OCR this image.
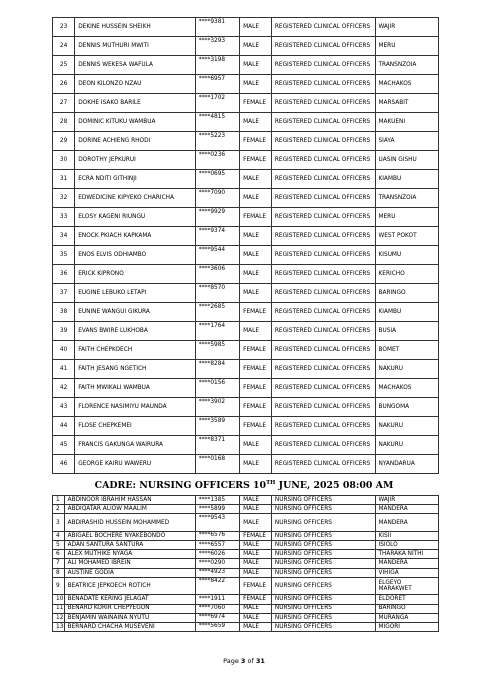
23	DEKINE HUSSEIN SHEIKH	****9381	MALE	REGISTERED CLINICAL OFFICERS	WAJIR
24	DENNIS MUTHURI MWITI	****3293	MALE	REGISTERED CLINICAL OFFICERS	MERU
25	DENNIS WEKESA WAFULA	****3198	MALE	REGISTERED CLINICAL OFFICERS	TRANSNZOIA
26	DEON KILONZO NZAU	****6957	MALE	REGISTERED CLINICAL OFFICERS	MACHAKOS
27	DOKHE ISAKO BARILE	****1702	FEMALE	REGISTERED CLINICAL OFFICERS	MARSABIT
28	DOMINIC KITUKU WAMBUA	****4815	MALE	REGISTERED CLINICAL OFFICERS	MAKUENI
29	DORINE ACHIENG RHODI	****5223	FEMALE	REGISTERED CLINICAL OFFICERS	SIAYA
30	DOROTHY JEPKURUI	****0236	FEMALE	REGISTERED CLINICAL OFFICERS	UASIN GISHU
31	ECRA NDITI GITHINJI	****0695	MALE	REGISTERED CLINICAL OFFICERS	KIAMBU
32	EDWEDICINE KIPYEKO CHARICHA	****7090	MALE	REGISTERED CLINICAL OFFICERS	TRANSNZOIA
33	ELOSY KAGENI RIUNGU	****9929	FEMALE	REGISTERED CLINICAL OFFICERS	MERU
34	ENOCK PKIACH KAPKAMA	****9374	MALE	REGISTERED CLINICAL OFFICERS	WEST POKOT
35	ENOS ELVIS ODHIAMBO	****9544	MALE	REGISTERED CLINICAL OFFICERS	KISUMU
36	ERICK KIPRONO	****3606	MALE	REGISTERED CLINICAL OFFICERS	KERICHO
37	EUGINE LEBUKO LETAPI	****8570	MALE	REGISTERED CLINICAL OFFICERS	BARINGO
38	EUNINE WANGUI GIKURA	****2685	FEMALE	REGISTERED CLINICAL OFFICERS	KIAMBU
39	EVANS BWIRE LUKHOBA	****1764	MALE	REGISTERED CLINICAL OFFICERS	BUSIA
40	FAITH CHEPKOECH	****5985	FEMALE	REGISTERED CLINICAL OFFICERS	BOMET
41	FAITH JESANG NGETICH	****8284	FEMALE	REGISTERED CLINICAL OFFICERS	NAKURU
42	FAITH MWIKALI WAMBUA	****0156	FEMALE	REGISTERED CLINICAL OFFICERS	MACHAKOS
43	FLORENCE NASIMIYU MAUNDA	****3902	FEMALE	REGISTERED CLINICAL OFFICERS	BUNGOMA
44	FLOSE CHEPKEMEI	****3589	FEMALE	REGISTERED CLINICAL OFFICERS	NAKURU
45	FRANCIS GAKUNGA WAIRURA	****8371	MALE	REGISTERED CLINICAL OFFICERS	NAKURU
46	GEORGE KAIRU WAWERU	****0168	MALE	REGISTERED CLINICAL OFFICERS	NYANDARUA
CADRE: NURSING OFFICERS 10TH JUNE, 2025 08:00 AM
1	ABDINOOR IBRAHIM HASSAN	****1385	MALE	NURSING OFFICERS	WAJIR
2	ABDIQATAR ALIOW MAALIM	****5899	MALE	NURSING OFFICERS	MANDERA
3	ABDIRASHID HUSSEIN MOHAMMED	****9543	MALE	NURSING OFFICERS	MANDERA
4	ABIGAEL BOCHERE NYAKEBONDO	****6576	FEMALE	NURSING OFFICERS	KISII
5	ADAN SANTURA SANTURA	****6557	MALE	NURSING OFFICERS	ISIOLO
6	ALEX MUTHIKE NYAGA	****6026	MALE	NURSING OFFICERS	THARAKA NITHI
7	ALI MOHAMED IBREIN	****0290	MALE	NURSING OFFICERS	MANDERA
8	AUSTINE GODIA	****4923	MALE	NURSING OFFICERS	VIHIGA
9	BEATRICE JEPKOECH ROTICH	****8422	FEMALE	NURSING OFFICERS	ELGEYO MARAKWET
10	BENADATE KERING JELAGAT	****1911	FEMALE	NURSING OFFICERS	ELDORET
11	BENARD KORIR CHEPYEGON	****7060	MALE	NURSING OFFICERS	BARINGO
12	BENJAMIN WAINAINA NYUTU	****6974	MALE	NURSING OFFICERS	MURANGA
13	BERNARD CHACHA MUSEVENI	****5659	MALE	NURSING OFFICERS	MIGORI
Page 3 of 31
